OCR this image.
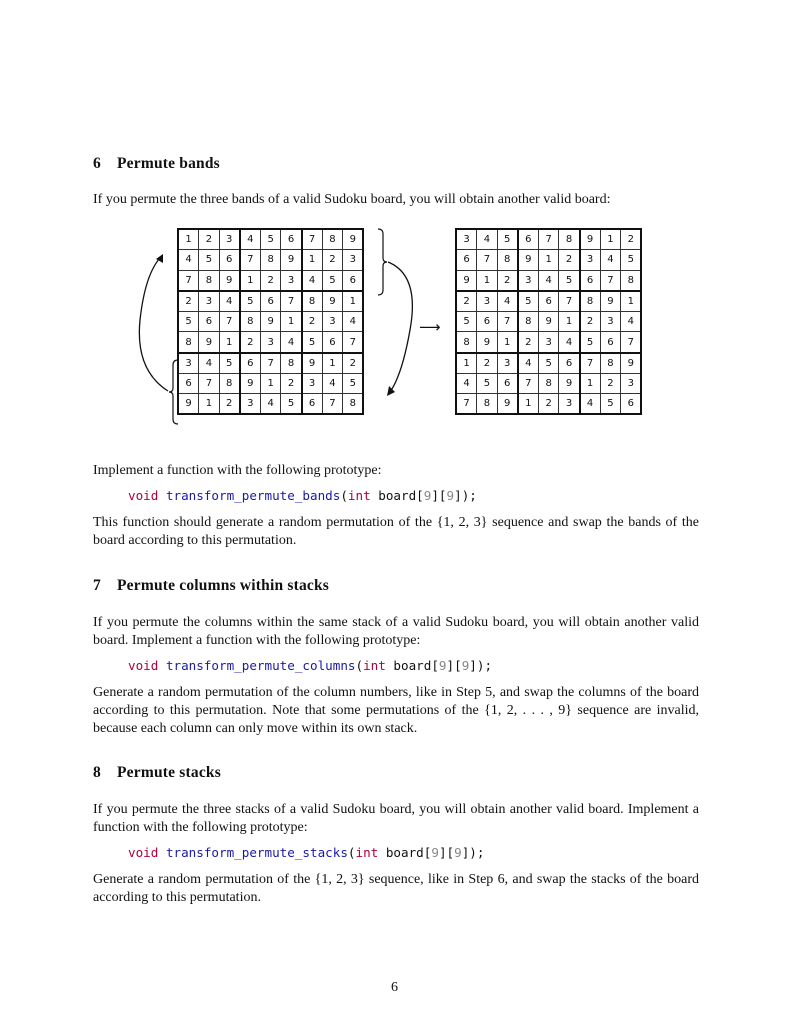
6 Permute bands
If you permute the three bands of a valid Sudoku board, you will obtain another valid board:
1	2	3	4	5	6	7	8	9
4	5	6	7	8	9	1	2	3
7	8	9	1	2	3	4	5	6
2	3	4	5	6	7	8	9	1
5	6	7	8	9	1	2	3	4
8	9	1	2	3	4	5	6	7
3	4	5	6	7	8	9	1	2
6	7	8	9	1	2	3	4	5
9	1	2	3	4	5	6	7	8
3	4	5	6	7	8	9	1	2
6	7	8	9	1	2	3	4	5
9	1	2	3	4	5	6	7	8
2	3	4	5	6	7	8	9	1
5	6	7	8	9	1	2	3	4
8	9	1	2	3	4	5	6	7
1	2	3	4	5	6	7	8	9
4	5	6	7	8	9	1	2	3
7	8	9	1	2	3	4	5	6
⟶
Implement a function with the following prototype:
void transform_permute_bands(int board[9][9]);
This function should generate a random permutation of the {1, 2, 3} sequence and swap the bands of the board according to this permutation.
7 Permute columns within stacks
If you permute the columns within the same stack of a valid Sudoku board, you will obtain another valid board. Implement a function with the following prototype:
void transform_permute_columns(int board[9][9]);
Generate a random permutation of the column numbers, like in Step 5, and swap the columns of the board according to this permutation. Note that some permutations of the {1, 2, . . . , 9} sequence are invalid, because each column can only move within its own stack.
8 Permute stacks
If you permute the three stacks of a valid Sudoku board, you will obtain another valid board. Implement a function with the following prototype:
void transform_permute_stacks(int board[9][9]);
Generate a random permutation of the {1, 2, 3} sequence, like in Step 6, and swap the stacks of the board according to this permutation.
6
